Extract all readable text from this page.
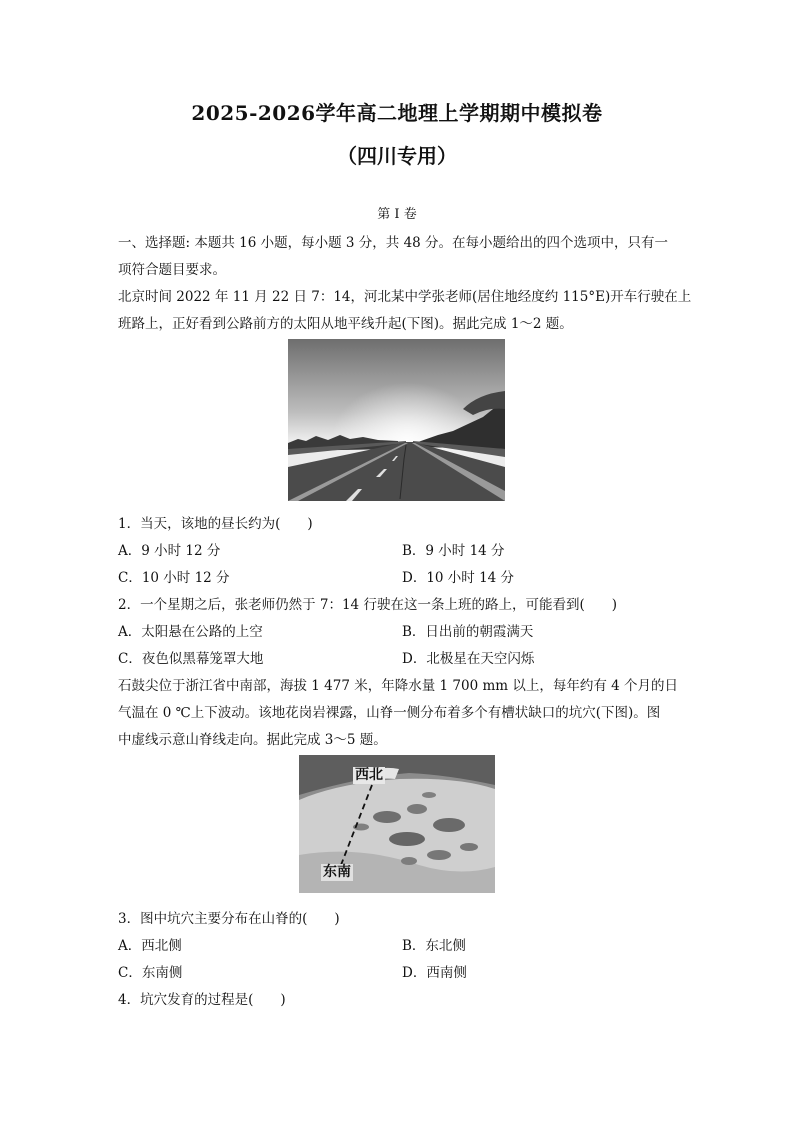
2025-2026学年高二地理上学期期中模拟卷
（四川专用）
第 I 卷
一、选择题: 本题共 16 小题，每小题 3 分，共 48 分。在每小题给出的四个选项中，只有一
项符合题目要求。
北京时间 2022 年 11 月 22 日 7：14，河北某中学张老师(居住地经度约 115°E)开车行驶在上
班路上，正好看到公路前方的太阳从地平线升起(下图)。据此完成 1～2 题。
1．当天，该地的昼长约为(　　)
A．9 小时 12 分	B．9 小时 14 分
C．10 小时 12 分	D．10 小时 14 分
2．一个星期之后，张老师仍然于 7：14 行驶在这一条上班的路上，可能看到(　　)
A．太阳悬在公路的上空	B．日出前的朝霞满天
C．夜色似黑幕笼罩大地	D．北极星在天空闪烁
石鼓尖位于浙江省中南部，海拔 1 477 米，年降水量 1 700 mm 以上，每年约有 4 个月的日
气温在 0 ℃上下波动。该地花岗岩裸露，山脊一侧分布着多个有槽状缺口的坑穴(下图)。图
中虚线示意山脊线走向。据此完成 3～5 题。
西北
东南
3．图中坑穴主要分布在山脊的(　　)
A．西北侧	B．东北侧
C．东南侧	D．西南侧
4．坑穴发育的过程是(　　)
